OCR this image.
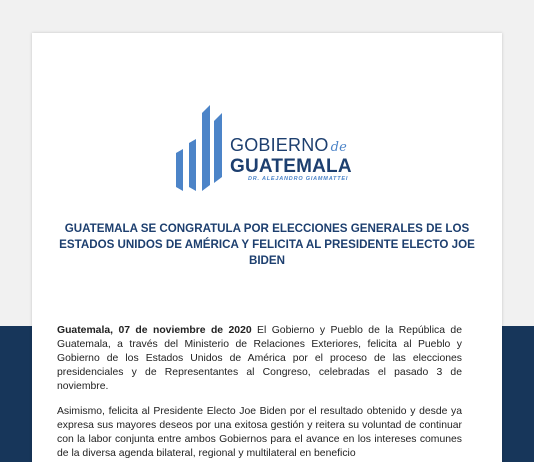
GOBIERNO de
GUATEMALA
DR. ALEJANDRO GIAMMATTEI
GUATEMALA SE CONGRATULA POR ELECCIONES GENERALES DE LOS ESTADOS UNIDOS DE AMÉRICA Y FELICITA AL PRESIDENTE ELECTO JOE BIDEN

Guatemala, 07 de noviembre de 2020 El Gobierno y Pueblo de la República de Guatemala, a través del Ministerio de Relaciones Exteriores, felicita al Pueblo y Gobierno de los Estados Unidos de América por el proceso de las elecciones presidenciales y de Representantes al Congreso, celebradas el pasado 3 de noviembre.

Asimismo, felicita al Presidente Electo Joe Biden por el resultado obtenido y desde ya expresa sus mayores deseos por una exitosa gestión y reitera su voluntad de continuar con la labor conjunta entre ambos Gobiernos para el avance en los intereses comunes de la diversa agenda bilateral, regional y multilateral en beneficio
